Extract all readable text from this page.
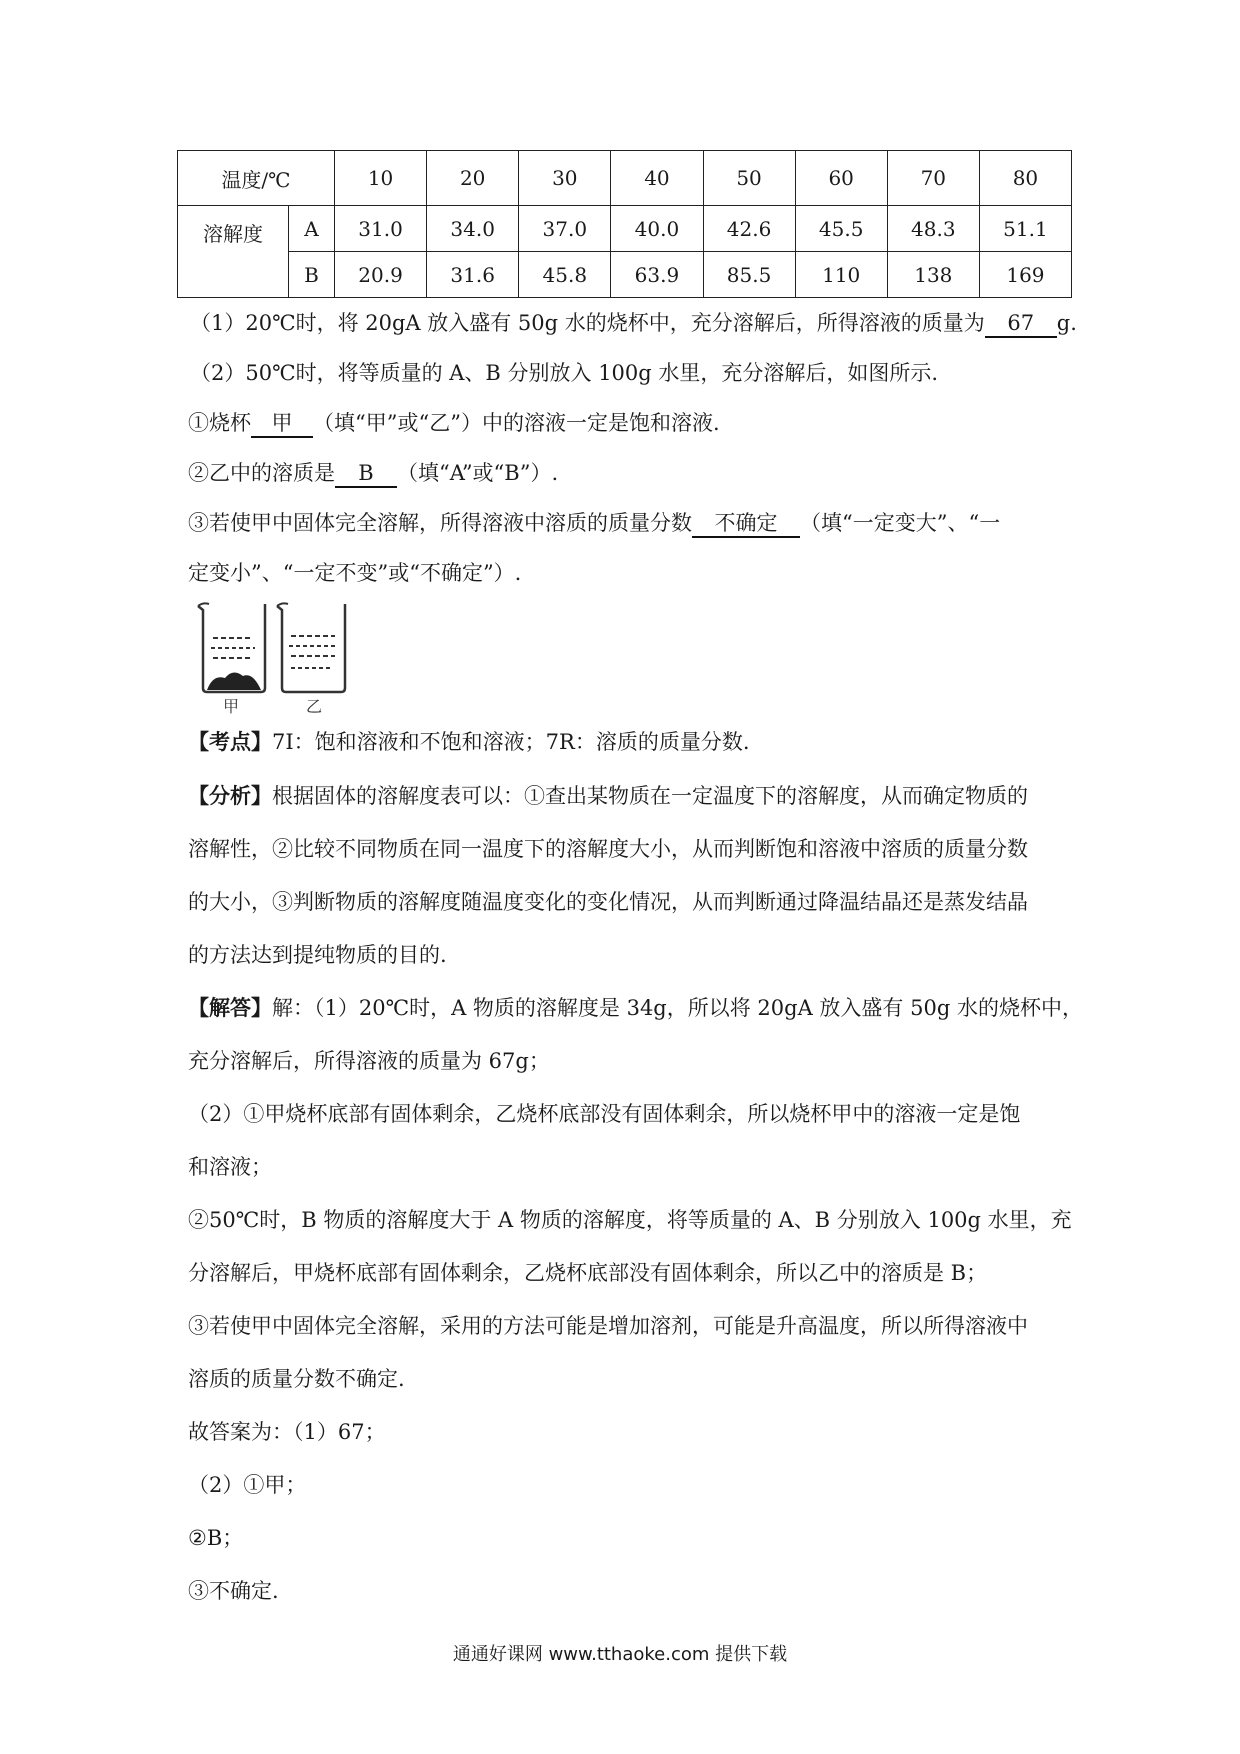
温度/℃		10	20	30	40	50	60	70	80
溶解度	A	31.0	34.0	37.0	40.0	42.6	45.5	48.3	51.1
	B	20.9	31.6	45.8	63.9	85.5	110	138	169
（1）20℃时，将 20gA 放入盛有 50g 水的烧杯中，充分溶解后，所得溶液的质量为 67 g.
（2）50℃时，将等质量的 A、B 分别放入 100g 水里，充分溶解后，如图所示.
①烧杯 甲 （填“甲”或“乙”）中的溶液一定是饱和溶液.
②乙中的溶质是 B （填“A”或“B”）.
③若使甲中固体完全溶解，所得溶液中溶质的质量分数 不确定 （填“一定变大”、“一
定变小”、“一定不变”或“不确定”）.
甲	乙
【考点】7I：饱和溶液和不饱和溶液；7R：溶质的质量分数.
【分析】根据固体的溶解度表可以：①查出某物质在一定温度下的溶解度，从而确定物质的
溶解性，②比较不同物质在同一温度下的溶解度大小，从而判断饱和溶液中溶质的质量分数
的大小，③判断物质的溶解度随温度变化的变化情况，从而判断通过降温结晶还是蒸发结晶
的方法达到提纯物质的目的.
【解答】解：（1）20℃时，A 物质的溶解度是 34g，所以将 20gA 放入盛有 50g 水的烧杯中，
充分溶解后，所得溶液的质量为 67g；
（2）①甲烧杯底部有固体剩余，乙烧杯底部没有固体剩余，所以烧杯甲中的溶液一定是饱
和溶液；
②50℃时，B 物质的溶解度大于 A 物质的溶解度，将等质量的 A、B 分别放入 100g 水里，充
分溶解后，甲烧杯底部有固体剩余，乙烧杯底部没有固体剩余，所以乙中的溶质是 B；
③若使甲中固体完全溶解，采用的方法可能是增加溶剂，可能是升高温度，所以所得溶液中
溶质的质量分数不确定.
故答案为：（1）67；
（2）①甲；
②B；
③不确定.
通通好课网 www.tthaoke.com 提供下载
